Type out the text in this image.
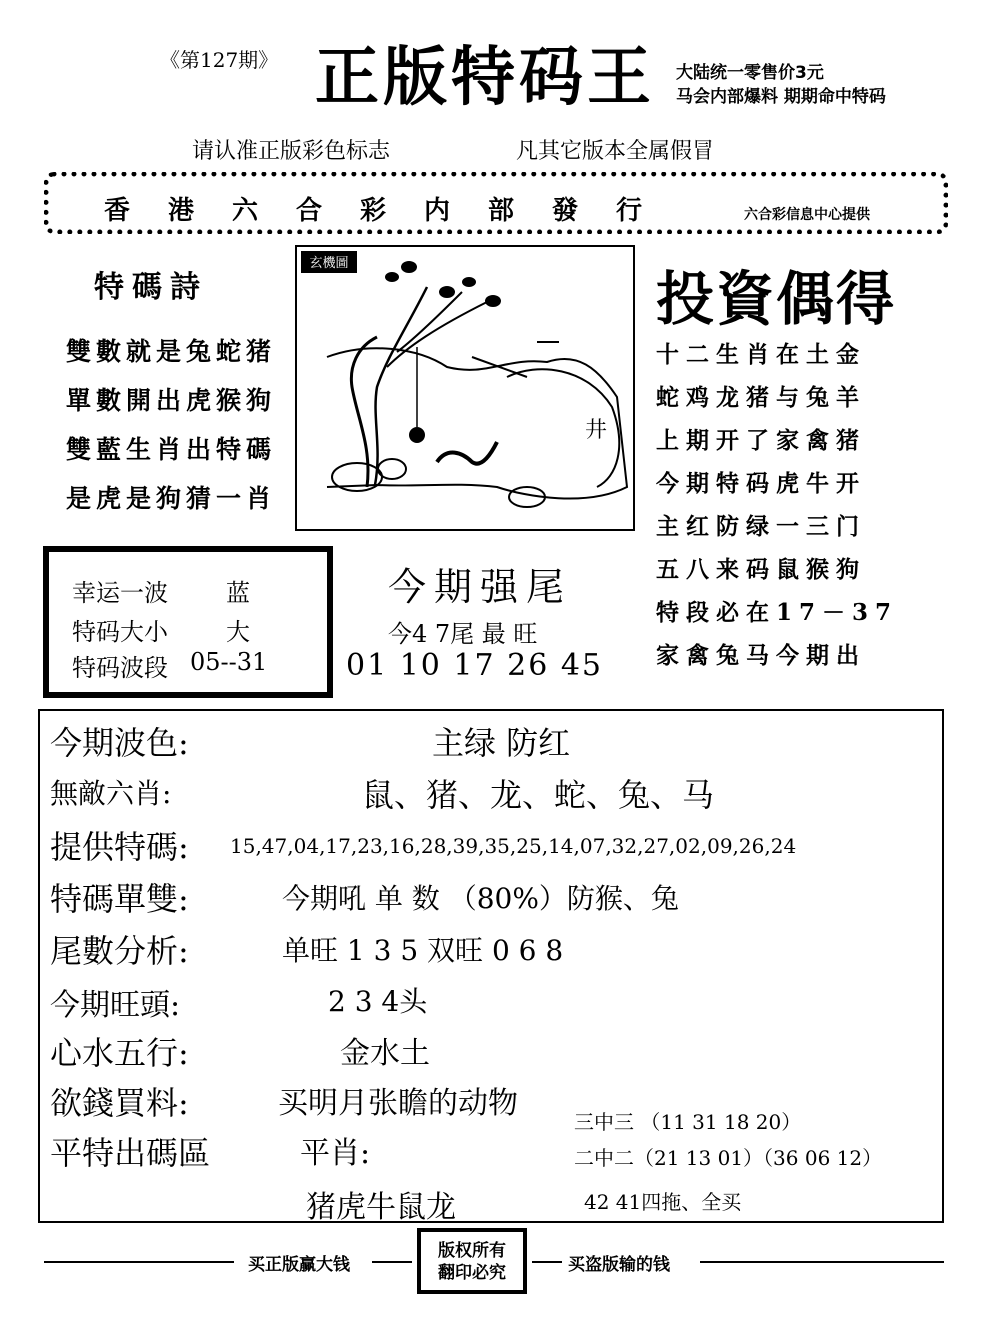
《第127期》 正版特码王 大陆统一零售价3元
马会内部爆料 期期命中特码
请认准正版彩色标志	凡其它版本全属假冒
香港六合彩内部發行	六合彩信息中心提供
特碼詩
雙數就是兔蛇猪
單數開出虎猴狗
雙藍生肖出特碼
是虎是狗猜一肖
玄機圖
井
投資偶得
十二生肖在土金
蛇鸡龙猪与兔羊
上期开了家禽猪
今期特码虎牛开
主红防绿一三门
五八来码鼠猴狗
特段必在17－37
家禽兔马今期出
幸运一波 蓝
特码大小 大
特码波段 05--31
今期强尾
今4 7尾 最 旺
01 10 17 26 45
今期波色:	主绿 防红
無敵六肖:	鼠、猪、龙、蛇、兔、马
提供特碼: 15,47,04,17,23,16,28,39,35,25,14,07,32,27,02,09,26,24
特碼單雙:	今期吼 单 数 （80%）防猴、兔
尾數分析:	单旺 1 3 5 双旺 0 6 8
今期旺頭:	2 3 4头
心水五行:	金水土
欲錢買料:	买明月张瞻的动物
平特出碼區	平肖:
猪虎牛鼠龙
三中三 （11 31 18 20）
二中二（21 13 01）（36 06 12）
42 41四拖、全买
买正版赢大钱
版权所有
翻印必究	买盗版输的钱
